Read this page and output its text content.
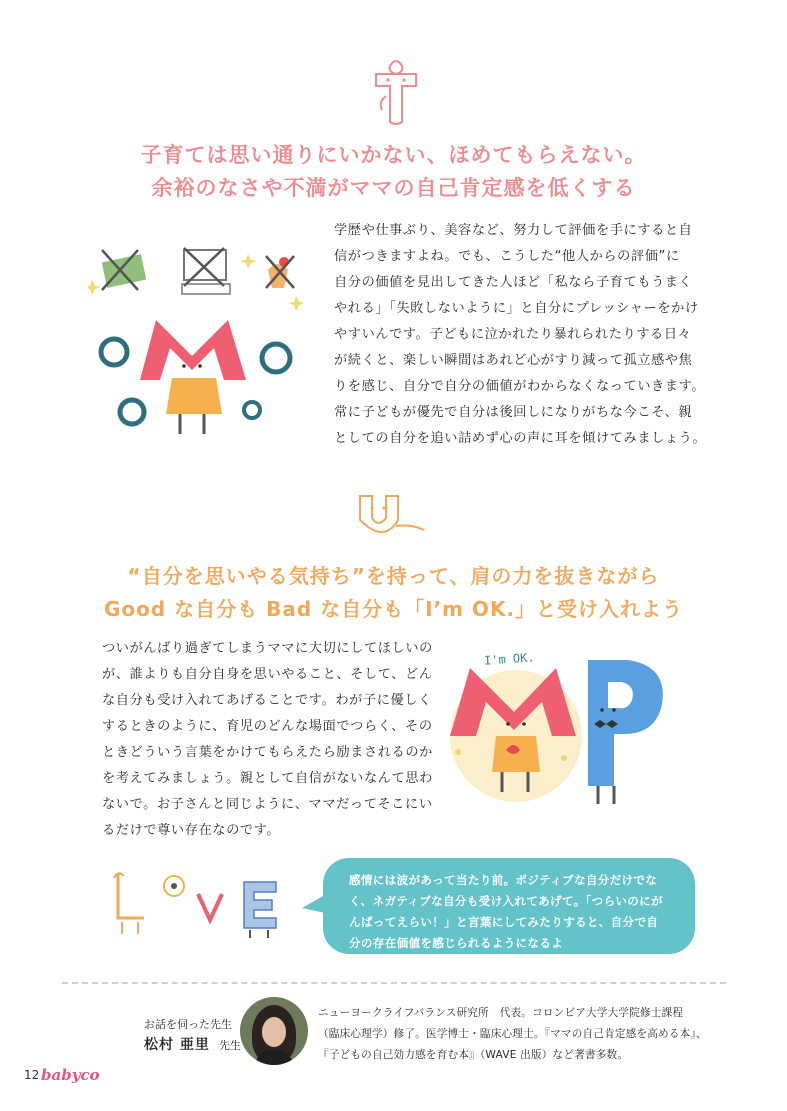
子育ては思い通りにいかない、ほめてもらえない。
余裕のなさや不満がママの自己肯定感を低くする
学歴や仕事ぶり、美容など、努力して評価を手にすると自
信がつきますよね。でも、こうした“他人からの評価”に
自分の価値を見出してきた人ほど「私なら子育てもうまく
やれる」「失敗しないように」と自分にプレッシャーをかけ
やすいんです。子どもに泣かれたり暴れられたりする日々
が続くと、楽しい瞬間はあれど心がすり減って孤立感や焦
りを感じ、自分で自分の価値がわからなくなっていきます。
常に子どもが優先で自分は後回しになりがちな今こそ、親
としての自分を追い詰めず心の声に耳を傾けてみましょう。
“自分を思いやる気持ち”を持って、肩の力を抜きながら
Good な自分も Bad な自分も「I’m OK.」と受け入れよう
ついがんばり過ぎてしまうママに大切にしてほしいの
が、誰よりも自分自身を思いやること、そして、どん
な自分も受け入れてあげることです。わが子に優しく
するときのように、育児のどんな場面でつらく、その
ときどういう言葉をかけてもらえたら励まされるのか
を考えてみましょう。親として自信がないなんて思わ
ないで。お子さんと同じように、ママだってそこにい
るだけで尊い存在なのです。
I'm OK.
感情には波があって当たり前。ポジティブな自分だけでな
く、ネガティブな自分も受け入れてあげて。「つらいのにが
んばってえらい！」と言葉にしてみたりすると、自分で自
分の存在価値を感じられるようになるよ
お話を伺った先生
松村 亜里 先生
ニューヨークライフバランス研究所　代表。コロンビア大学大学院修士課程
（臨床心理学）修了。医学博士・臨床心理士。『ママの自己肯定感を高める本』、
『子どもの自己効力感を育む本』（WAVE 出版）など著書多数。
12 babyco
